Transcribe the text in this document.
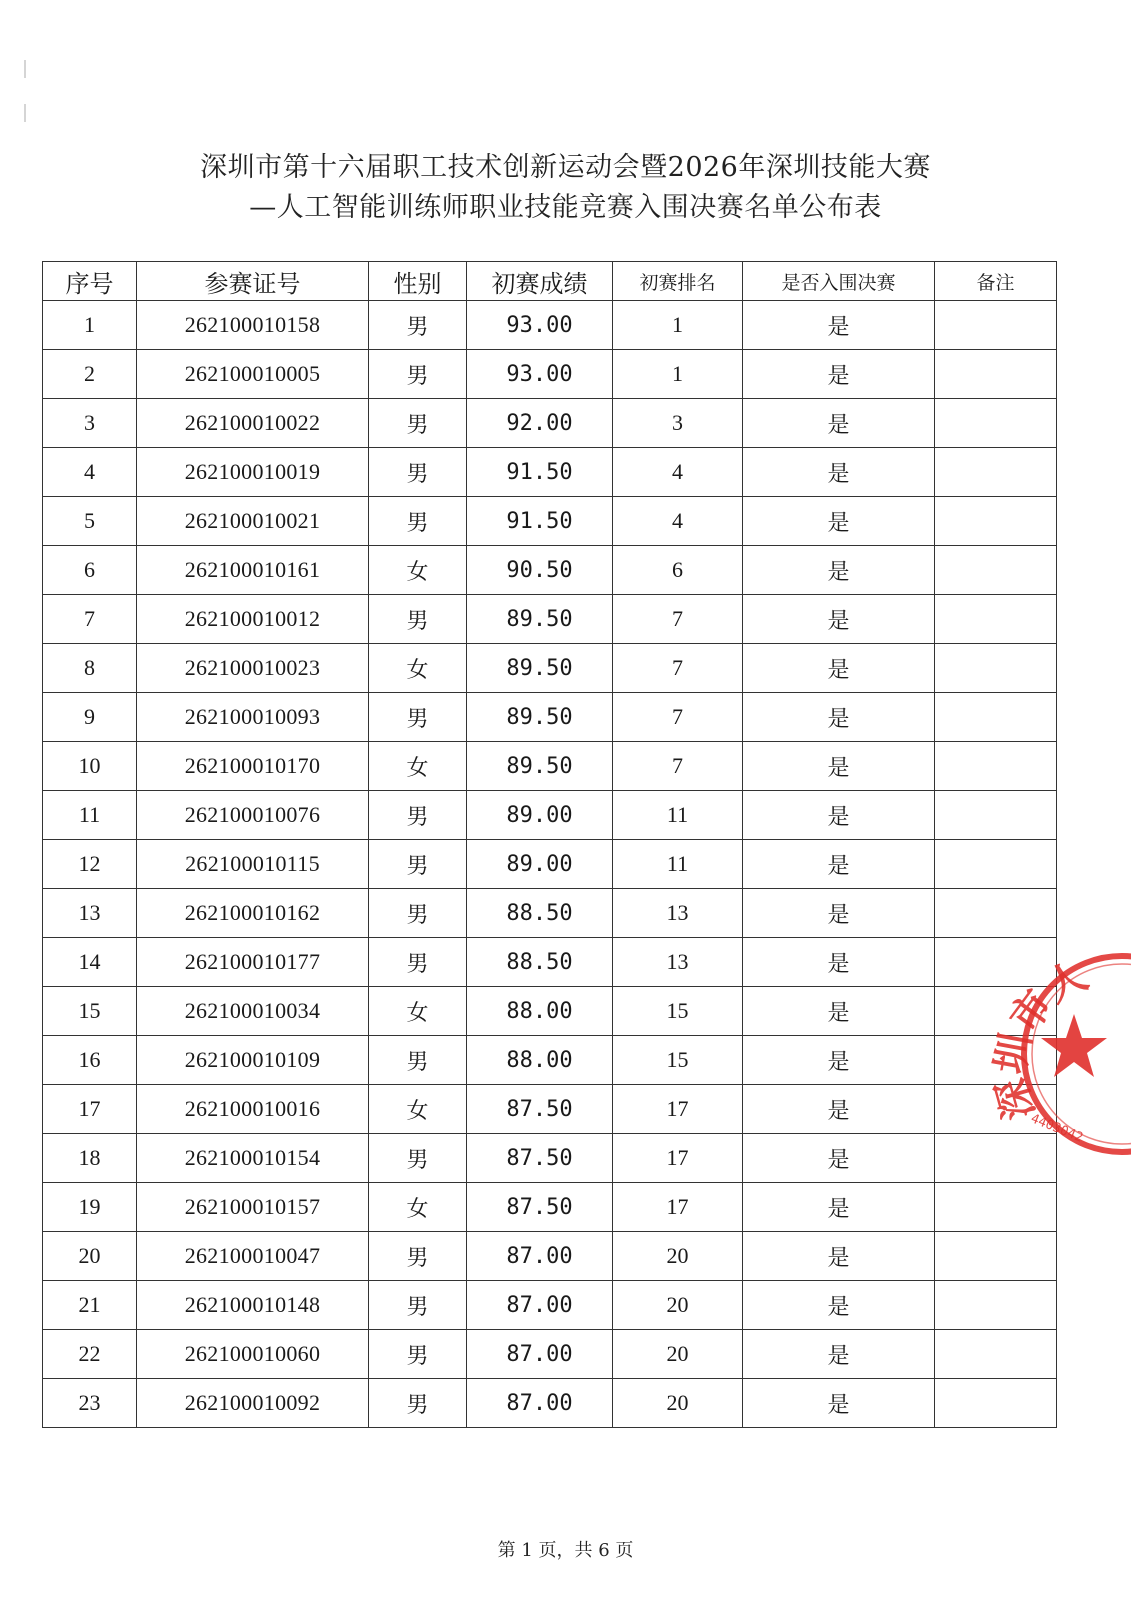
深圳市第十六届职工技术创新运动会暨2026年深圳技能大赛
—人工智能训练师职业技能竞赛入围决赛名单公布表
序号	参赛证号	性别	初赛成绩	初赛排名	是否入围决赛	备注
1	262100010158	男	93.00	1	是	
2	262100010005	男	93.00	1	是	
3	262100010022	男	92.00	3	是	
4	262100010019	男	91.50	4	是	
5	262100010021	男	91.50	4	是	
6	262100010161	女	90.50	6	是	
7	262100010012	男	89.50	7	是	
8	262100010023	女	89.50	7	是	
9	262100010093	男	89.50	7	是	
10	262100010170	女	89.50	7	是	
11	262100010076	男	89.00	11	是	
12	262100010115	男	89.00	11	是	
13	262100010162	男	88.50	13	是	
14	262100010177	男	88.50	13	是	
15	262100010034	女	88.00	15	是	
16	262100010109	男	88.00	15	是	
17	262100010016	女	87.50	17	是	
18	262100010154	男	87.50	17	是	
19	262100010157	女	87.50	17	是	
20	262100010047	男	87.00	20	是	
21	262100010148	男	87.00	20	是	
22	262100010060	男	87.00	20	是	
23	262100010092	男	87.00	20	是	
深圳市人工智
4403042
第 1 页，共 6 页
